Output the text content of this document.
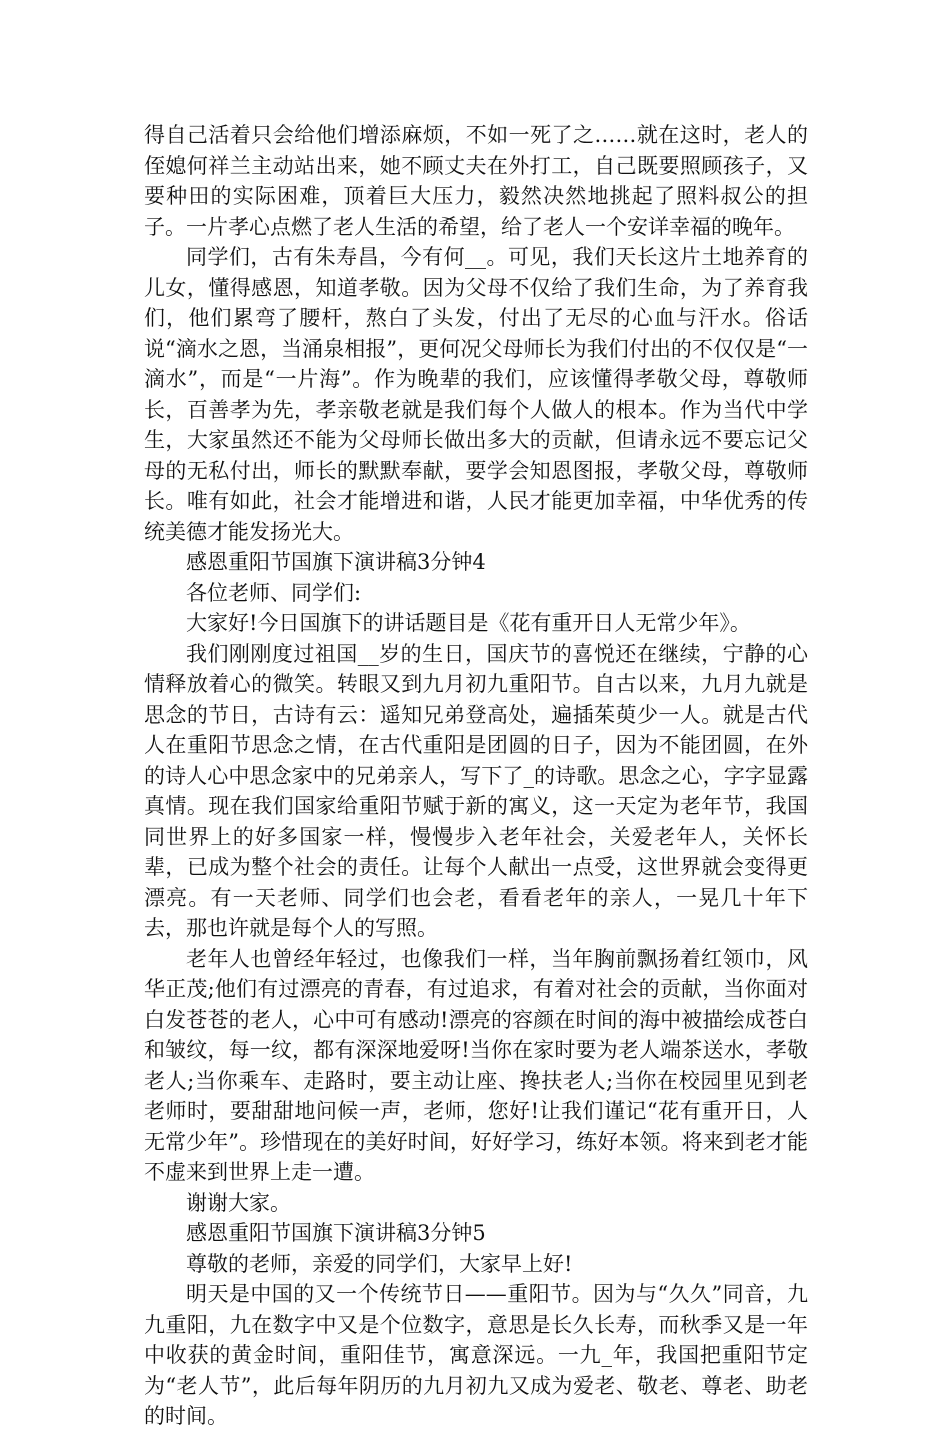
得自己活着只会给他们增添麻烦，不如一死了之……就在这时，老人的侄媳何祥兰主动站出来，她不顾丈夫在外打工，自己既要照顾孩子，又要种田的实际困难，顶着巨大压力，毅然决然地挑起了照料叔公的担子。一片孝心点燃了老人生活的希望，给了老人一个安详幸福的晚年。

同学们，古有朱寿昌，今有何__。可见，我们天长这片土地养育的儿女，懂得感恩，知道孝敬。因为父母不仅给了我们生命，为了养育我们，他们累弯了腰杆，熬白了头发，付出了无尽的心血与汗水。俗话说“滴水之恩，当涌泉相报”，更何况父母师长为我们付出的不仅仅是“一滴水”，而是“一片海”。作为晚辈的我们，应该懂得孝敬父母，尊敬师长，百善孝为先，孝亲敬老就是我们每个人做人的根本。作为当代中学生，大家虽然还不能为父母师长做出多大的贡献，但请永远不要忘记父母的无私付出，师长的默默奉献，要学会知恩图报，孝敬父母，尊敬师长。唯有如此，社会才能增进和谐，人民才能更加幸福，中华优秀的传统美德才能发扬光大。

感恩重阳节国旗下演讲稿3分钟4

各位老师、同学们:

大家好!今日国旗下的讲话题目是《花有重开日人无常少年》。

我们刚刚度过祖国__岁的生日，国庆节的喜悦还在继续，宁静的心情释放着心的微笑。转眼又到九月初九重阳节。自古以来，九月九就是思念的节日，古诗有云：遥知兄弟登高处，遍插茱萸少一人。就是古代人在重阳节思念之情，在古代重阳是团圆的日子，因为不能团圆，在外的诗人心中思念家中的兄弟亲人，写下了_的诗歌。思念之心，字字显露真情。现在我们国家给重阳节赋于新的寓义，这一天定为老年节，我国同世界上的好多国家一样，慢慢步入老年社会，关爱老年人，关怀长辈，已成为整个社会的责任。让每个人献出一点受，这世界就会变得更漂亮。有一天老师、同学们也会老，看看老年的亲人，一晃几十年下去，那也许就是每个人的写照。

老年人也曾经年轻过，也像我们一样，当年胸前飘扬着红领巾，风华正茂;他们有过漂亮的青春，有过追求，有着对社会的贡献，当你面对白发苍苍的老人，心中可有感动!漂亮的容颜在时间的海中被描绘成苍白和皱纹，每一纹，都有深深地爱呀!当你在家时要为老人端茶送水，孝敬老人;当你乘车、走路时，要主动让座、搀扶老人;当你在校园里见到老老师时，要甜甜地问候一声，老师，您好!让我们谨记“花有重开日，人无常少年”。珍惜现在的美好时间，好好学习，练好本领。将来到老才能不虚来到世界上走一遭。

谢谢大家。

感恩重阳节国旗下演讲稿3分钟5

尊敬的老师，亲爱的同学们，大家早上好!

明天是中国的又一个传统节日——重阳节。因为与“久久”同音，九九重阳，九在数字中又是个位数字，意思是长久长寿，而秋季又是一年中收获的黄金时间，重阳佳节，寓意深远。一九_年，我国把重阳节定为“老人节”，此后每年阴历的九月初九又成为爱老、敬老、尊老、助老的时间。
